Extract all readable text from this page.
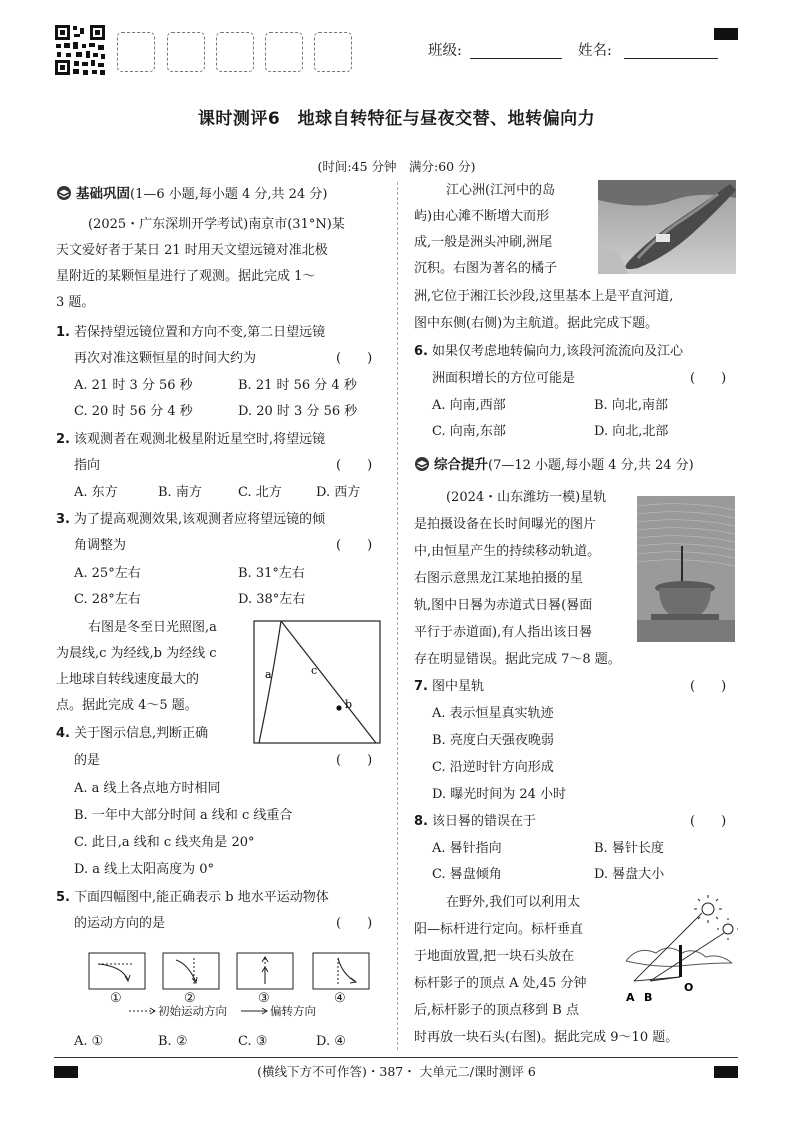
班级:	姓名:
课时测评6　地球自转特征与昼夜交替、地转偏向力
(时间:45 分钟　满分:60 分)
基础巩固(1—6 小题,每小题 4 分,共 24 分)
(2025・广东深圳开学考试)南京市(31°N)某
天文爱好者于某日 21 时用天文望远镜对准北极
星附近的某颗恒星进行了观测。据此完成 1～
3 题。
1. 若保持望远镜位置和方向不变,第二日望远镜
再次对准这颗恒星的时间大约为	(　　)
A. 21 时 3 分 56 秒	B. 21 时 56 分 4 秒
C. 20 时 56 分 4 秒	D. 20 时 3 分 56 秒
2. 该观测者在观测北极星附近星空时,将望远镜
指向	(　　)
A. 东方	B. 南方	C. 北方	D. 西方
3. 为了提高观测效果,该观测者应将望远镜的倾
角调整为	(　　)
A. 25°左右	B. 31°左右
C. 28°左右	D. 38°左右
右图是冬至日光照图,a
为晨线,c 为经线,b 为经线 c
上地球自转线速度最大的
点。据此完成 4～5 题。
a	c
b
4. 关于图示信息,判断正确
的是	(　　)
A. a 线上各点地方时相同
B. 一年中大部分时间 a 线和 c 线重合
C. 此日,a 线和 c 线夹角是 20°
D. a 线上太阳高度为 0°
5. 下面四幅图中,能正确表示 b 地水平运动物体
的运动方向的是	(　　)
①	②	③	④
初始运动方向	偏转方向
A. ①	B. ②	C. ③	D. ④
江心洲(江河中的岛
屿)由心滩不断增大而形
成,一般是洲头冲刷,洲尾
沉积。右图为著名的橘子
洲,它位于湘江长沙段,这里基本上是平直河道,
图中东侧(右侧)为主航道。据此完成下题。
6. 如果仅考虑地转偏向力,该段河流流向及江心
洲面积增长的方位可能是	(　　)
A. 向南,西部	B. 向北,南部
C. 向南,东部	D. 向北,北部
综合提升(7—12 小题,每小题 4 分,共 24 分)
(2024・山东潍坊一模)星轨
是拍摄设备在长时间曝光的图片
中,由恒星产生的持续移动轨道。
右图示意黑龙江某地拍摄的星
轨,图中日晷为赤道式日晷(晷面
平行于赤道面),有人指出该日晷
存在明显错误。据此完成 7～8 题。
7. 图中星轨	(　　)
A. 表示恒星真实轨迹
B. 亮度白天强夜晚弱
C. 沿逆时针方向形成
D. 曝光时间为 24 小时
8. 该日晷的错误在于	(　　)
A. 晷针指向	B. 晷针长度
C. 晷盘倾角	D. 晷盘大小
在野外,我们可以利用太
阳—标杆进行定向。标杆垂直
于地面放置,把一块石头放在
标杆影子的顶点 A 处,45 分钟
后,标杆影子的顶点移到 B 点
时再放一块石头(右图)。据此完成 9～10 题。
A B
O
(横线下方不可作答)・387・ 大单元二/课时测评 6
